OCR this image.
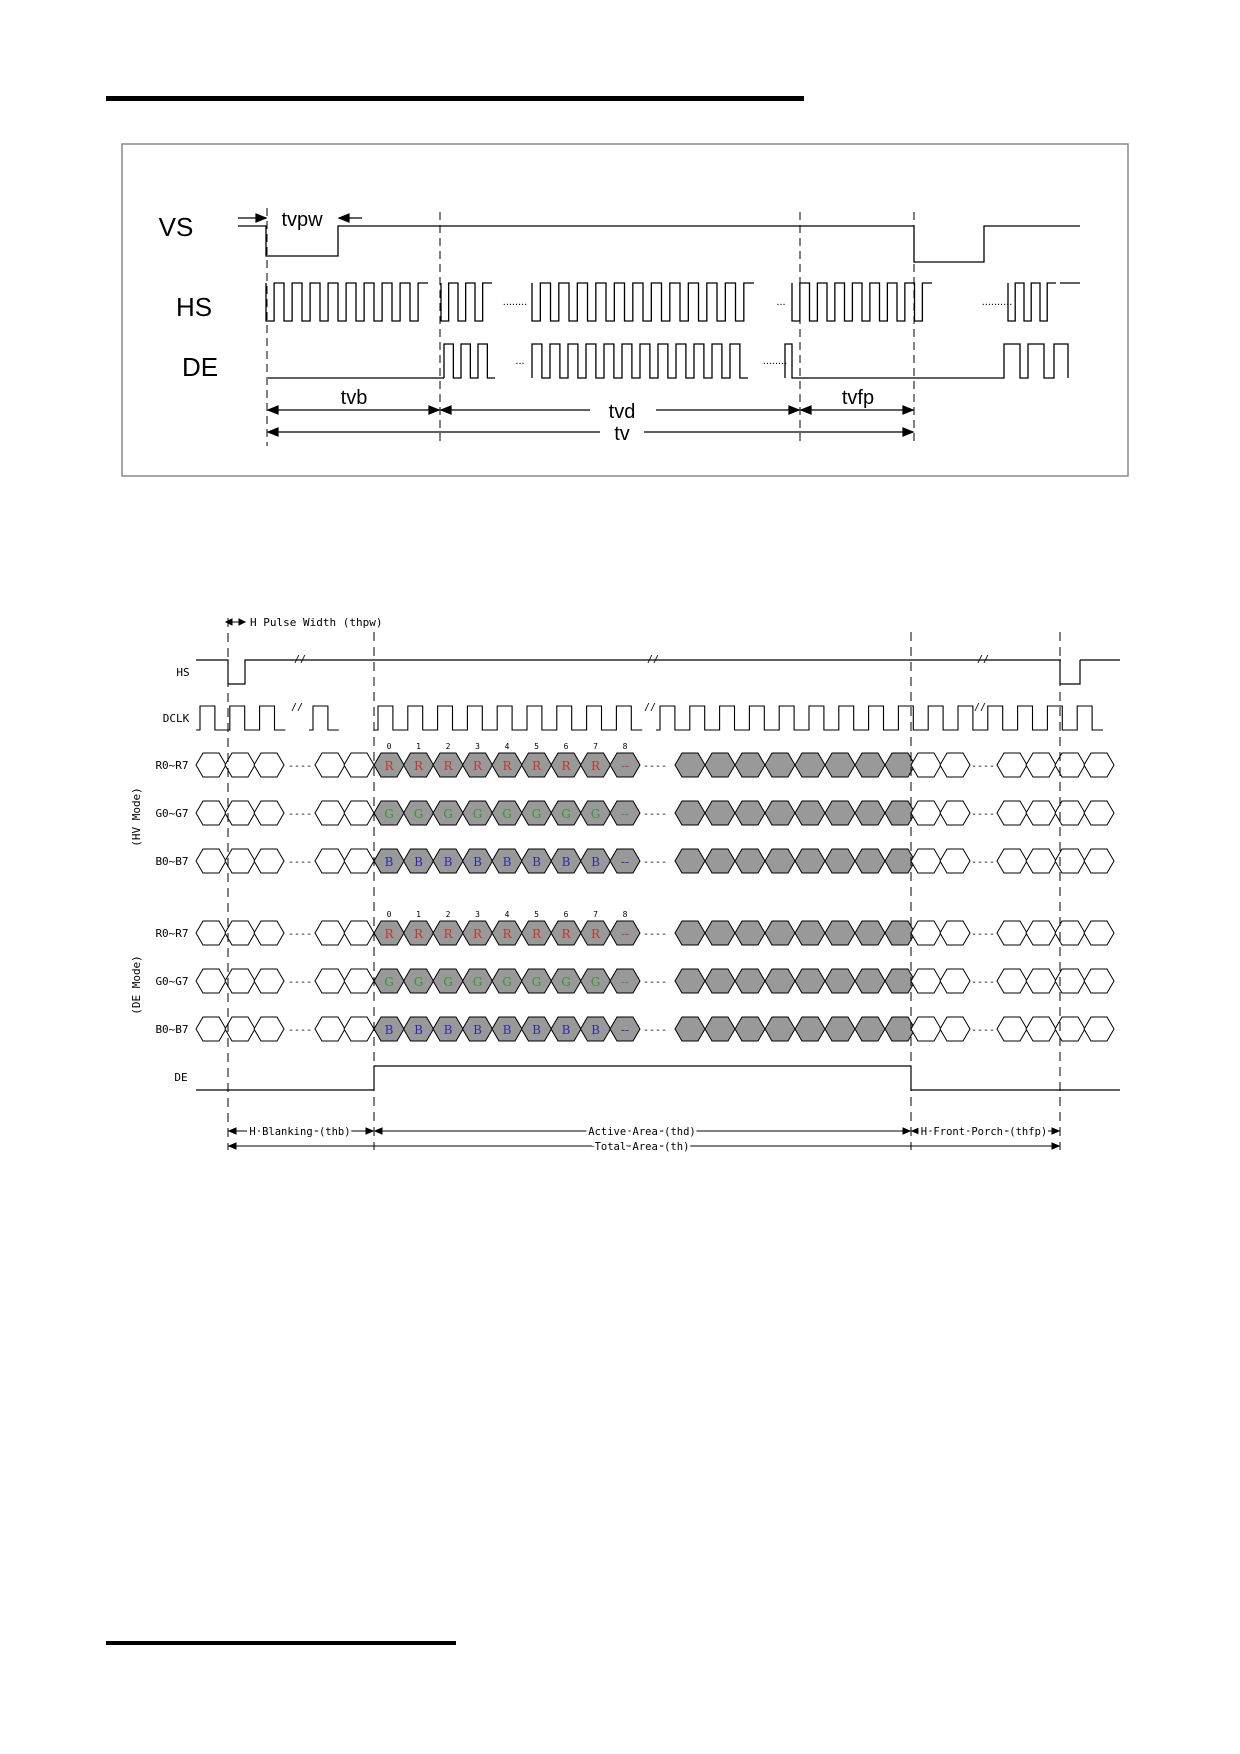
VS
HS
DE
........	...	..........
...	........
tvpw
tvb
tvd
tvfp
tv
HS
DCLK
R0~R7
G0~G7
B0~B7
R0~R7
G0~G7
B0~B7
DE
(HV Mode)
(DE Mode)
H Pulse Width (thpw)
//	//	//
//	//	//
----	R R R R R R R R -- ----	----
0	1	2	3	4	5	6	7	8
----	G G G G G G G G -- ----	----
----	B B B B B B B B -- ----	----
----	R R R R R R R R -- ----	----
0	1	2	3	4	5	6	7	8
----	G G G G G G G G -- ----	----
----	B B B B B B B B -- ----	----
H Blanking (thb)	Active Area (thd)	H Front Porch (thfp)
Total Area (th)
